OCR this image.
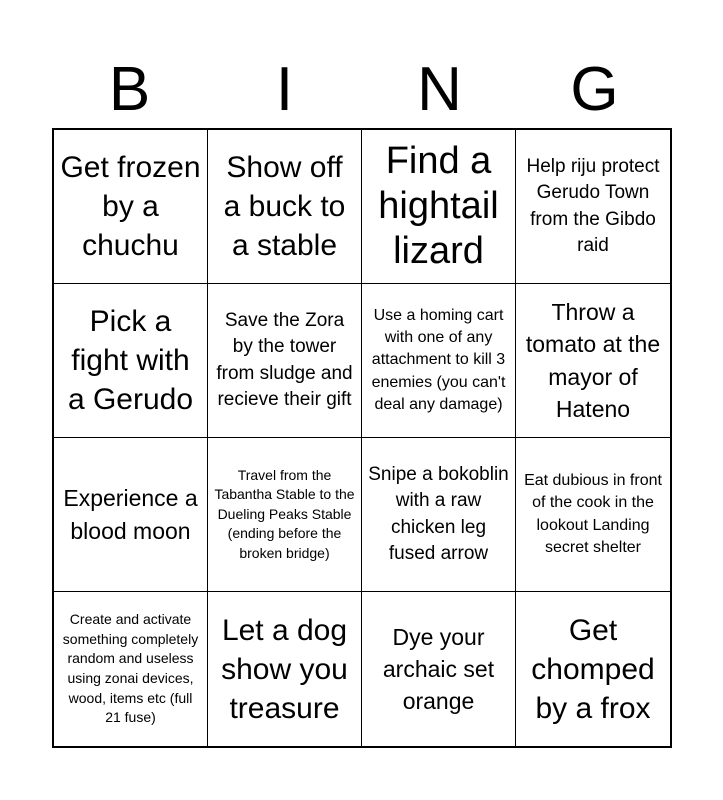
B	I	N	G
Get frozen by a chuchu
Show off a buck to a stable
Find a hightail lizard
Help riju protect Gerudo Town from the Gibdo raid
Pick a fight with a Gerudo
Save the Zora by the tower from sludge and recieve their gift
Use a homing cart with one of any attachment to kill 3 enemies (you can't deal any damage)
Throw a tomato at the mayor of Hateno
Experience a blood moon
Travel from the Tabantha Stable to the Dueling Peaks Stable (ending before the broken bridge)
Snipe a bokoblin with a raw chicken leg fused arrow
Eat dubious in front of the cook in the lookout Landing secret shelter
Create and activate something completely random and useless using zonai devices, wood, items etc (full 21 fuse)
Let a dog show you treasure
Dye your archaic set orange
Get chomped by a frox
